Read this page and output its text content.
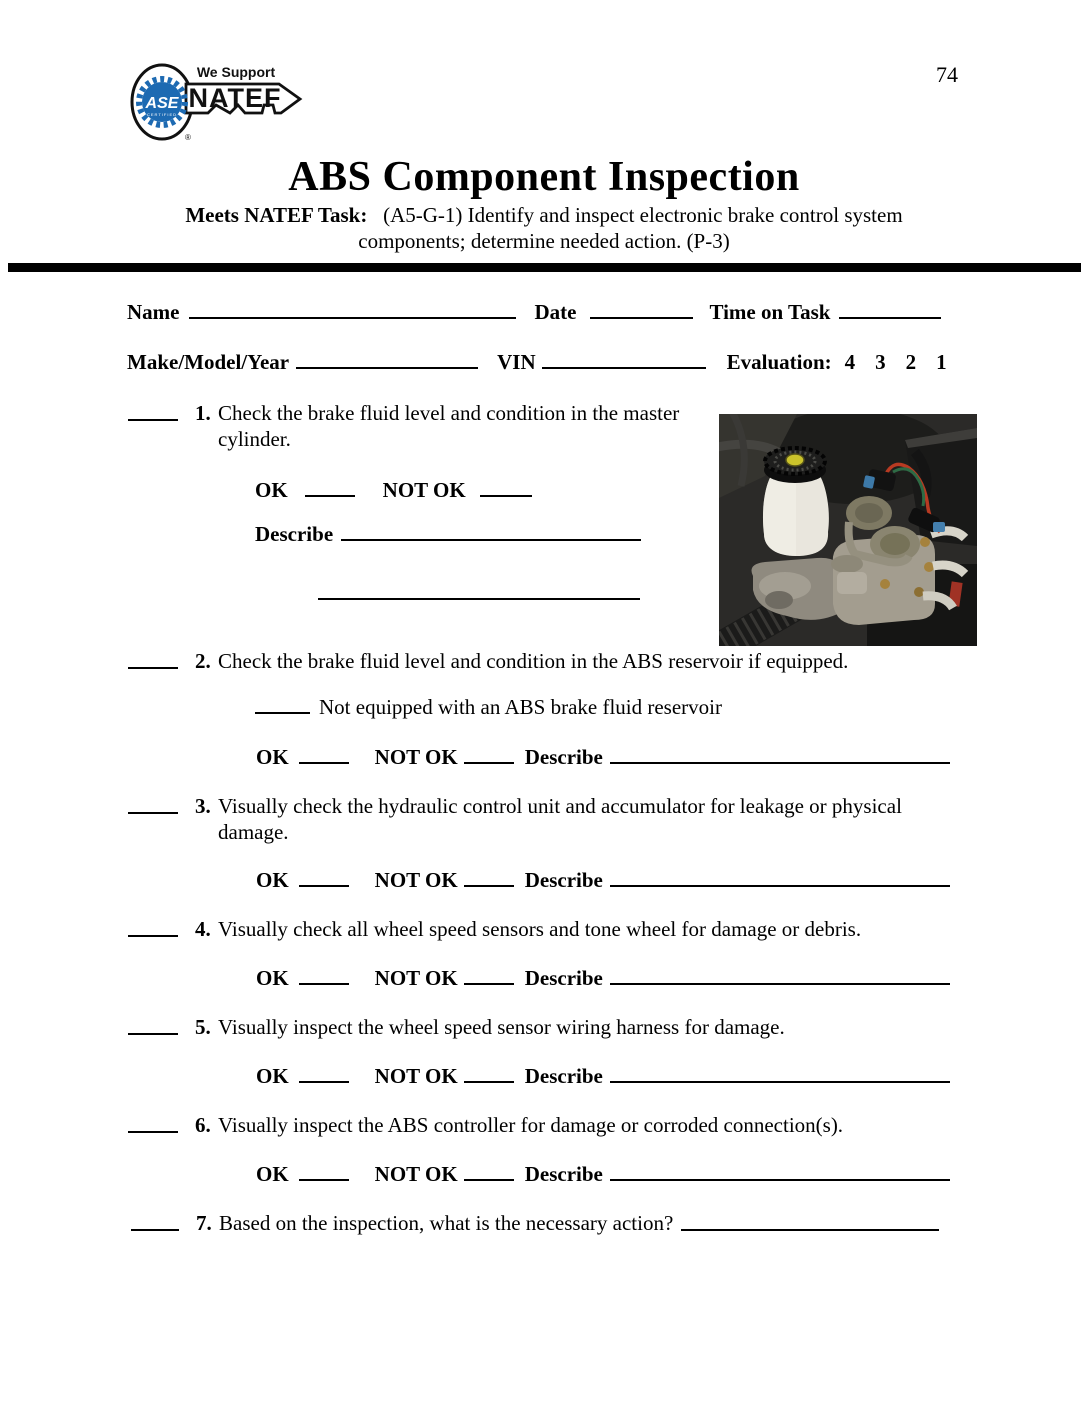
ASE
CERTIFIED
®
We Support
NATEF
74
ABS Component Inspection
Meets NATEF Task: (A5-G-1) Identify and inspect electronic brake control system
components; determine needed action. (P-3)
Name	Date	Time on Task
Make/Model/Year	VIN	Evaluation: 4 3 2 1
1. Check the brake fluid level and condition in the master cylinder.
OK	NOT OK
Describe
2. Check the brake fluid level and condition in the ABS reservoir if equipped.
Not equipped with an ABS brake fluid reservoir
OK	NOT OK	Describe
3. Visually check the hydraulic control unit and accumulator for leakage or physical damage.
OK	NOT OK	Describe
4. Visually check all wheel speed sensors and tone wheel for damage or debris.
OK	NOT OK	Describe
5. Visually inspect the wheel speed sensor wiring harness for damage.
OK	NOT OK	Describe
6. Visually inspect the ABS controller for damage or corroded connection(s).
OK	NOT OK	Describe
7. Based on the inspection, what is the necessary action?
